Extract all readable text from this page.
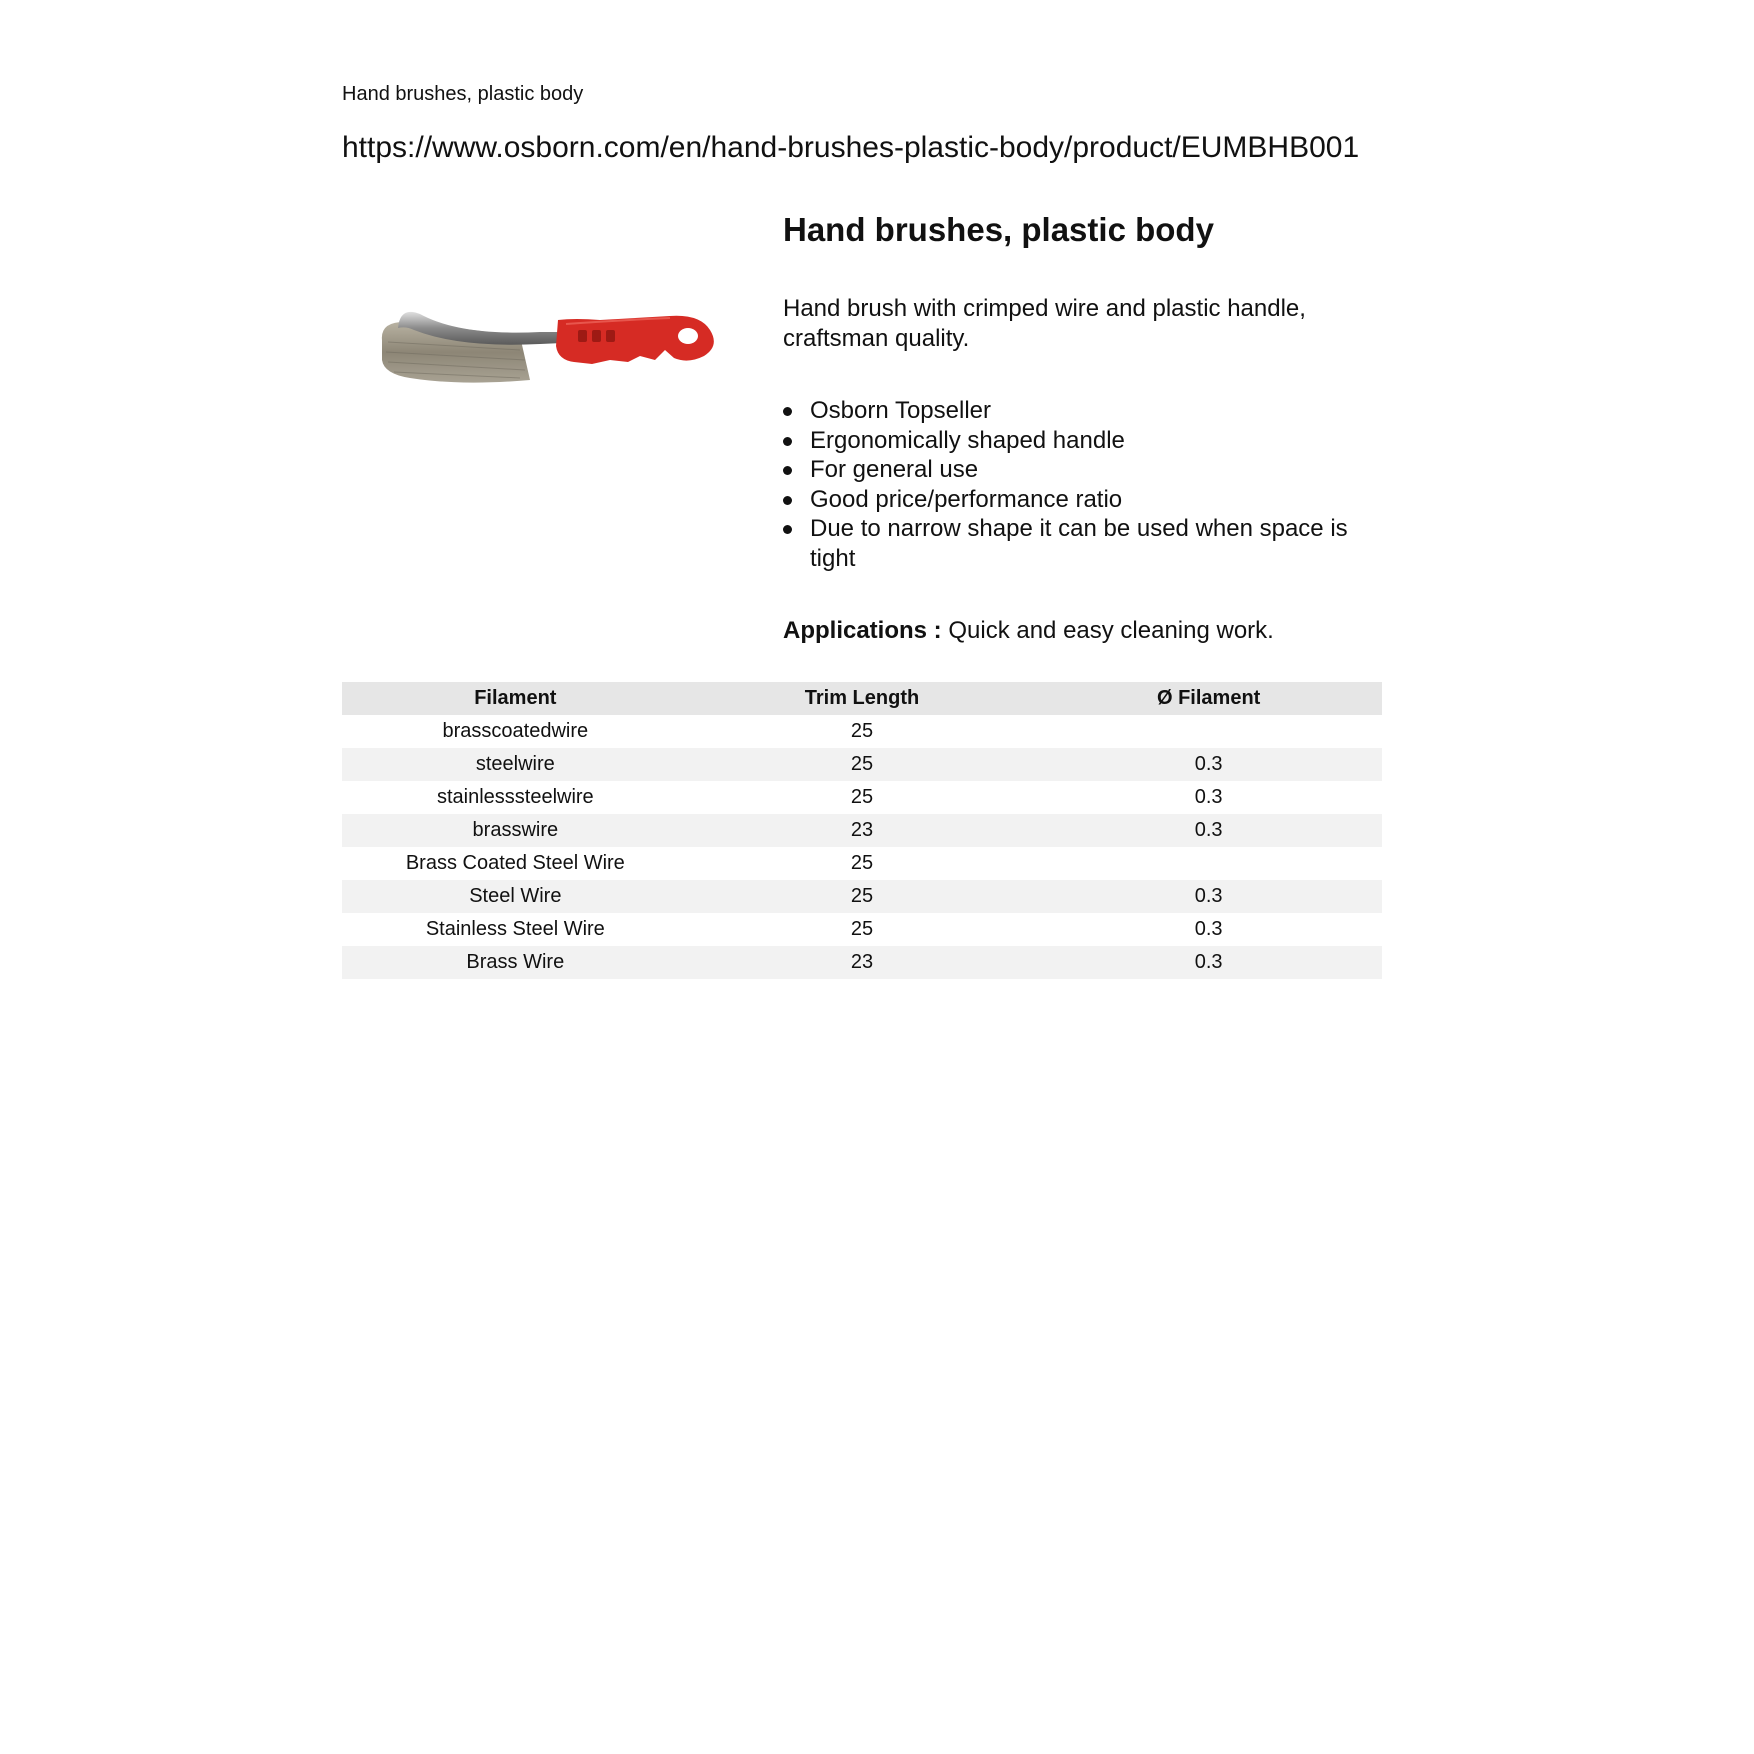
Hand brushes, plastic body
https://www.osborn.com/en/hand-brushes-plastic-body/product/EUMBHB001
Hand brushes, plastic body

Hand brush with crimped wire and plastic handle, craftsman quality.

Osborn Topseller
Ergonomically shaped handle
For general use
Good price/performance ratio
Due to narrow shape it can be used when space is tight

Applications : Quick and easy cleaning work.

Filament	Trim Length	Ø Filament
brasscoatedwire	25	
steelwire	25	0.3
stainlesssteelwire	25	0.3
brasswire	23	0.3
Brass Coated Steel Wire	25	
Steel Wire	25	0.3
Stainless Steel Wire	25	0.3
Brass Wire	23	0.3
